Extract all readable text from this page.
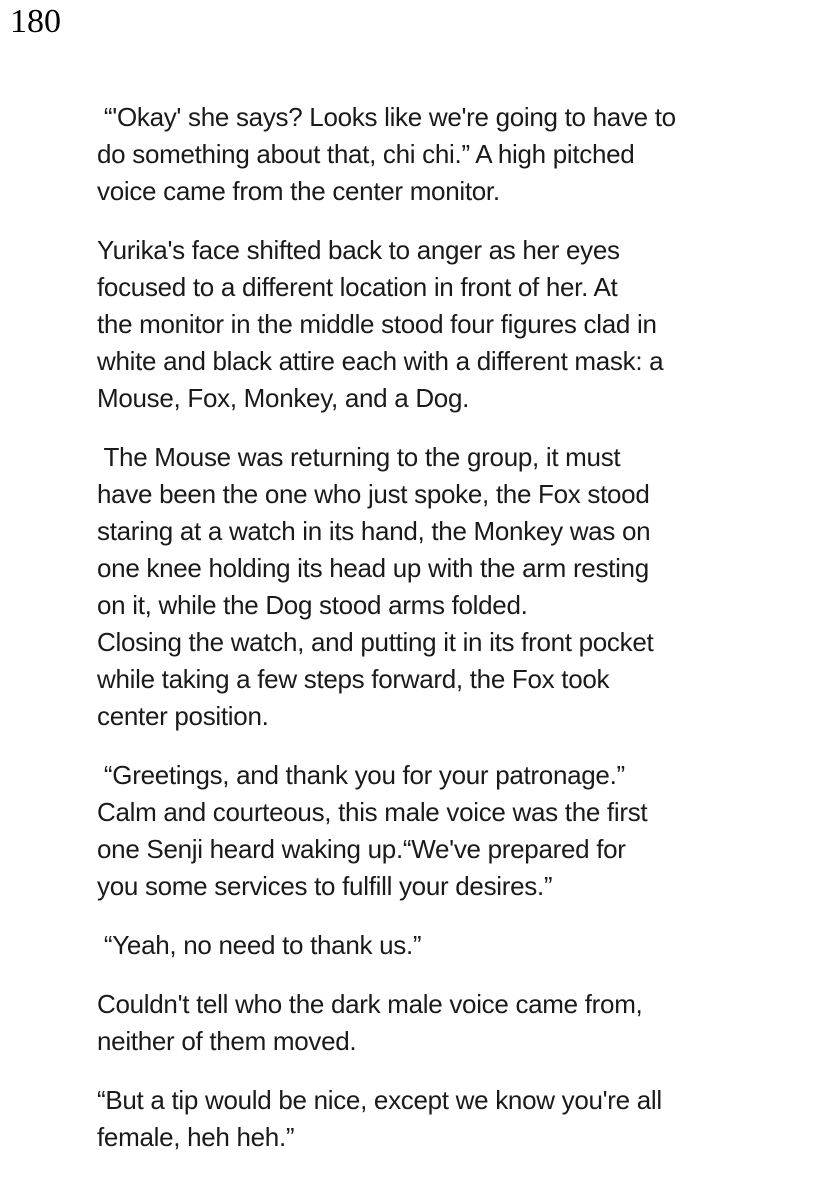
180
“'Okay' she says? Looks like we're going to have to
do something about that, chi chi.” A high pitched
voice came from the center monitor.
Yurika's face shifted back to anger as her eyes
focused to a different location in front of her. At
the monitor in the middle stood four figures clad in
white and black attire each with a different mask: a
Mouse, Fox, Monkey, and a Dog.
The Mouse was returning to the group, it must
have been the one who just spoke, the Fox stood
staring at a watch in its hand, the Monkey was on
one knee holding its head up with the arm resting
on it, while the Dog stood arms folded.
Closing the watch, and putting it in its front pocket
while taking a few steps forward, the Fox took
center position.
“Greetings, and thank you for your patronage.”
Calm and courteous, this male voice was the first
one Senji heard waking up.“We've prepared for
you some services to fulfill your desires.”
“Yeah, no need to thank us.”
Couldn't tell who the dark male voice came from,
neither of them moved.
“But a tip would be nice, except we know you're all
female, heh heh.”
